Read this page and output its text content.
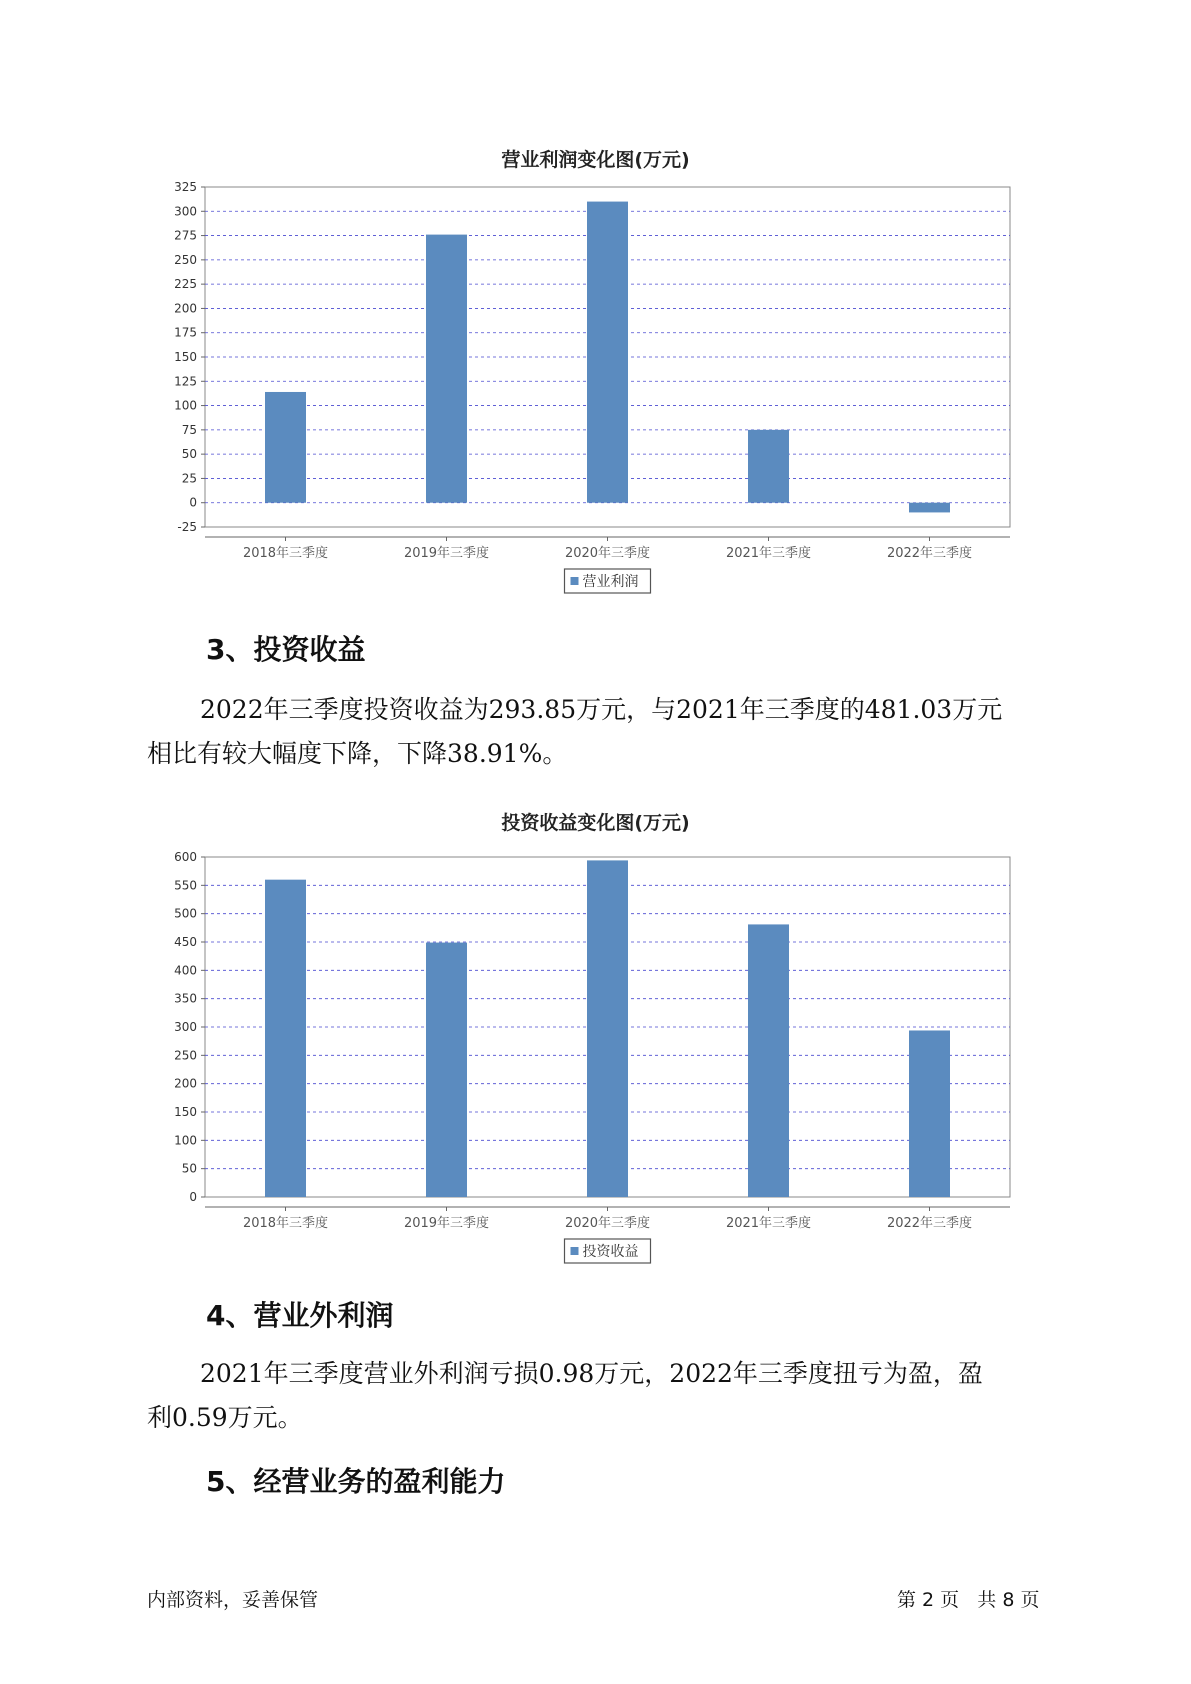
营业利润变化图(万元)
325
300
275
250
225
200
175
150
125
100
75
50
25
0
-25
2018年三季度	2019年三季度	2020年三季度	2021年三季度	2022年三季度
营业利润
3、投资收益
2022年三季度投资收益为293.85万元，与2021年三季度的481.03万元
相比有较大幅度下降，下降38.91%。
投资收益变化图(万元)
600
550
500
450
400
350
300
250
200
150
100
50
0
2018年三季度	2019年三季度	2020年三季度	2021年三季度	2022年三季度
投资收益
4、营业外利润
2021年三季度营业外利润亏损0.98万元，2022年三季度扭亏为盈，盈
利0.59万元。
5、经营业务的盈利能力
内部资料，妥善保管	第 2 页   共 8 页
